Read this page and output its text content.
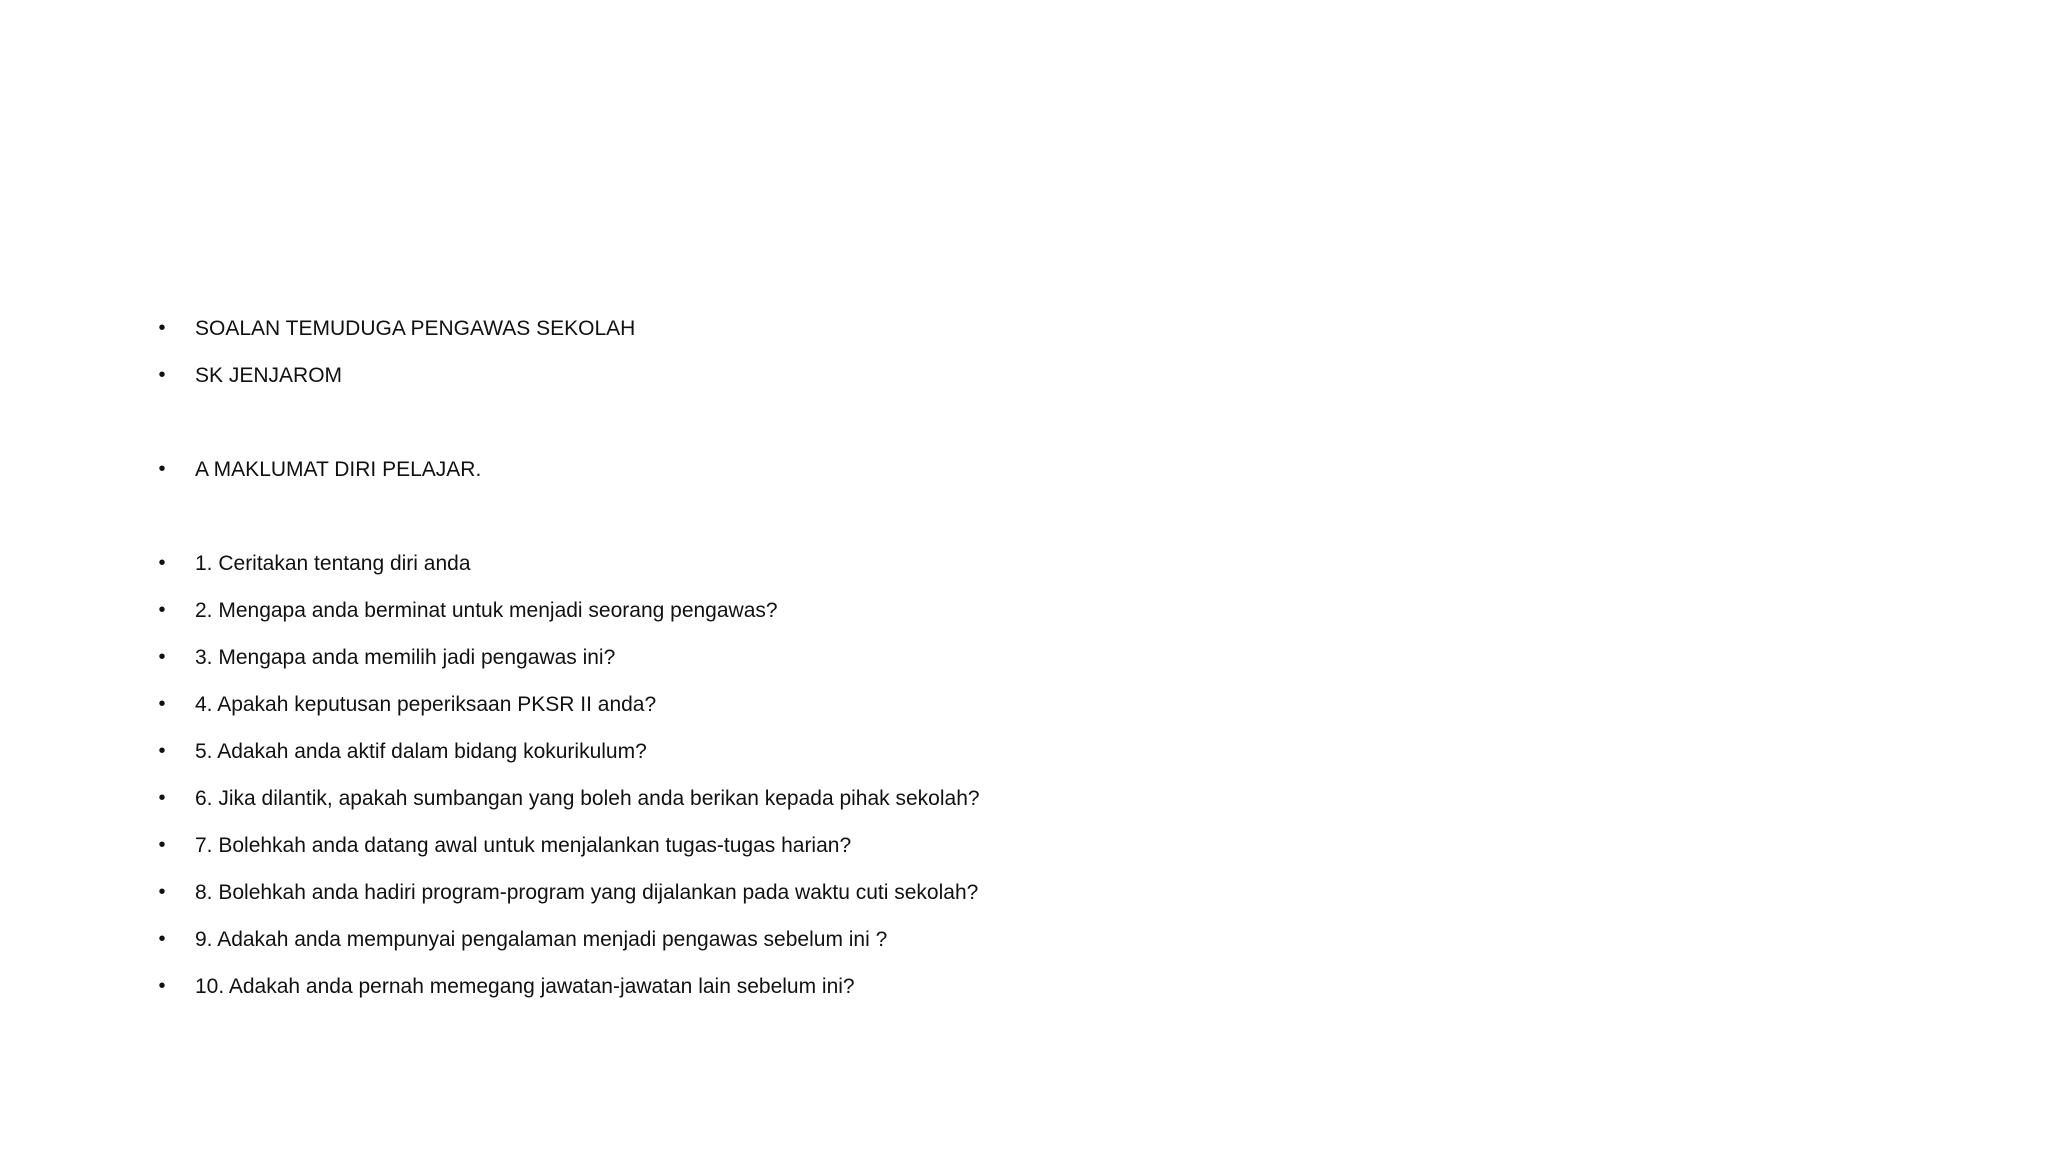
• SOALAN TEMUDUGA PENGAWAS SEKOLAH
• SK JENJAROM
• A MAKLUMAT DIRI PELAJAR.
• 1. Ceritakan tentang diri anda
• 2. Mengapa anda berminat untuk menjadi seorang pengawas?
• 3. Mengapa anda memilih jadi pengawas ini?
• 4. Apakah keputusan peperiksaan PKSR II anda?
• 5. Adakah anda aktif dalam bidang kokurikulum?
• 6. Jika dilantik, apakah sumbangan yang boleh anda berikan kepada pihak sekolah?
• 7. Bolehkah anda datang awal untuk menjalankan tugas-tugas harian?
• 8. Bolehkah anda hadiri program-program yang dijalankan pada waktu cuti sekolah?
• 9. Adakah anda mempunyai pengalaman menjadi pengawas sebelum ini ?
• 10. Adakah anda pernah memegang jawatan-jawatan lain sebelum ini?
